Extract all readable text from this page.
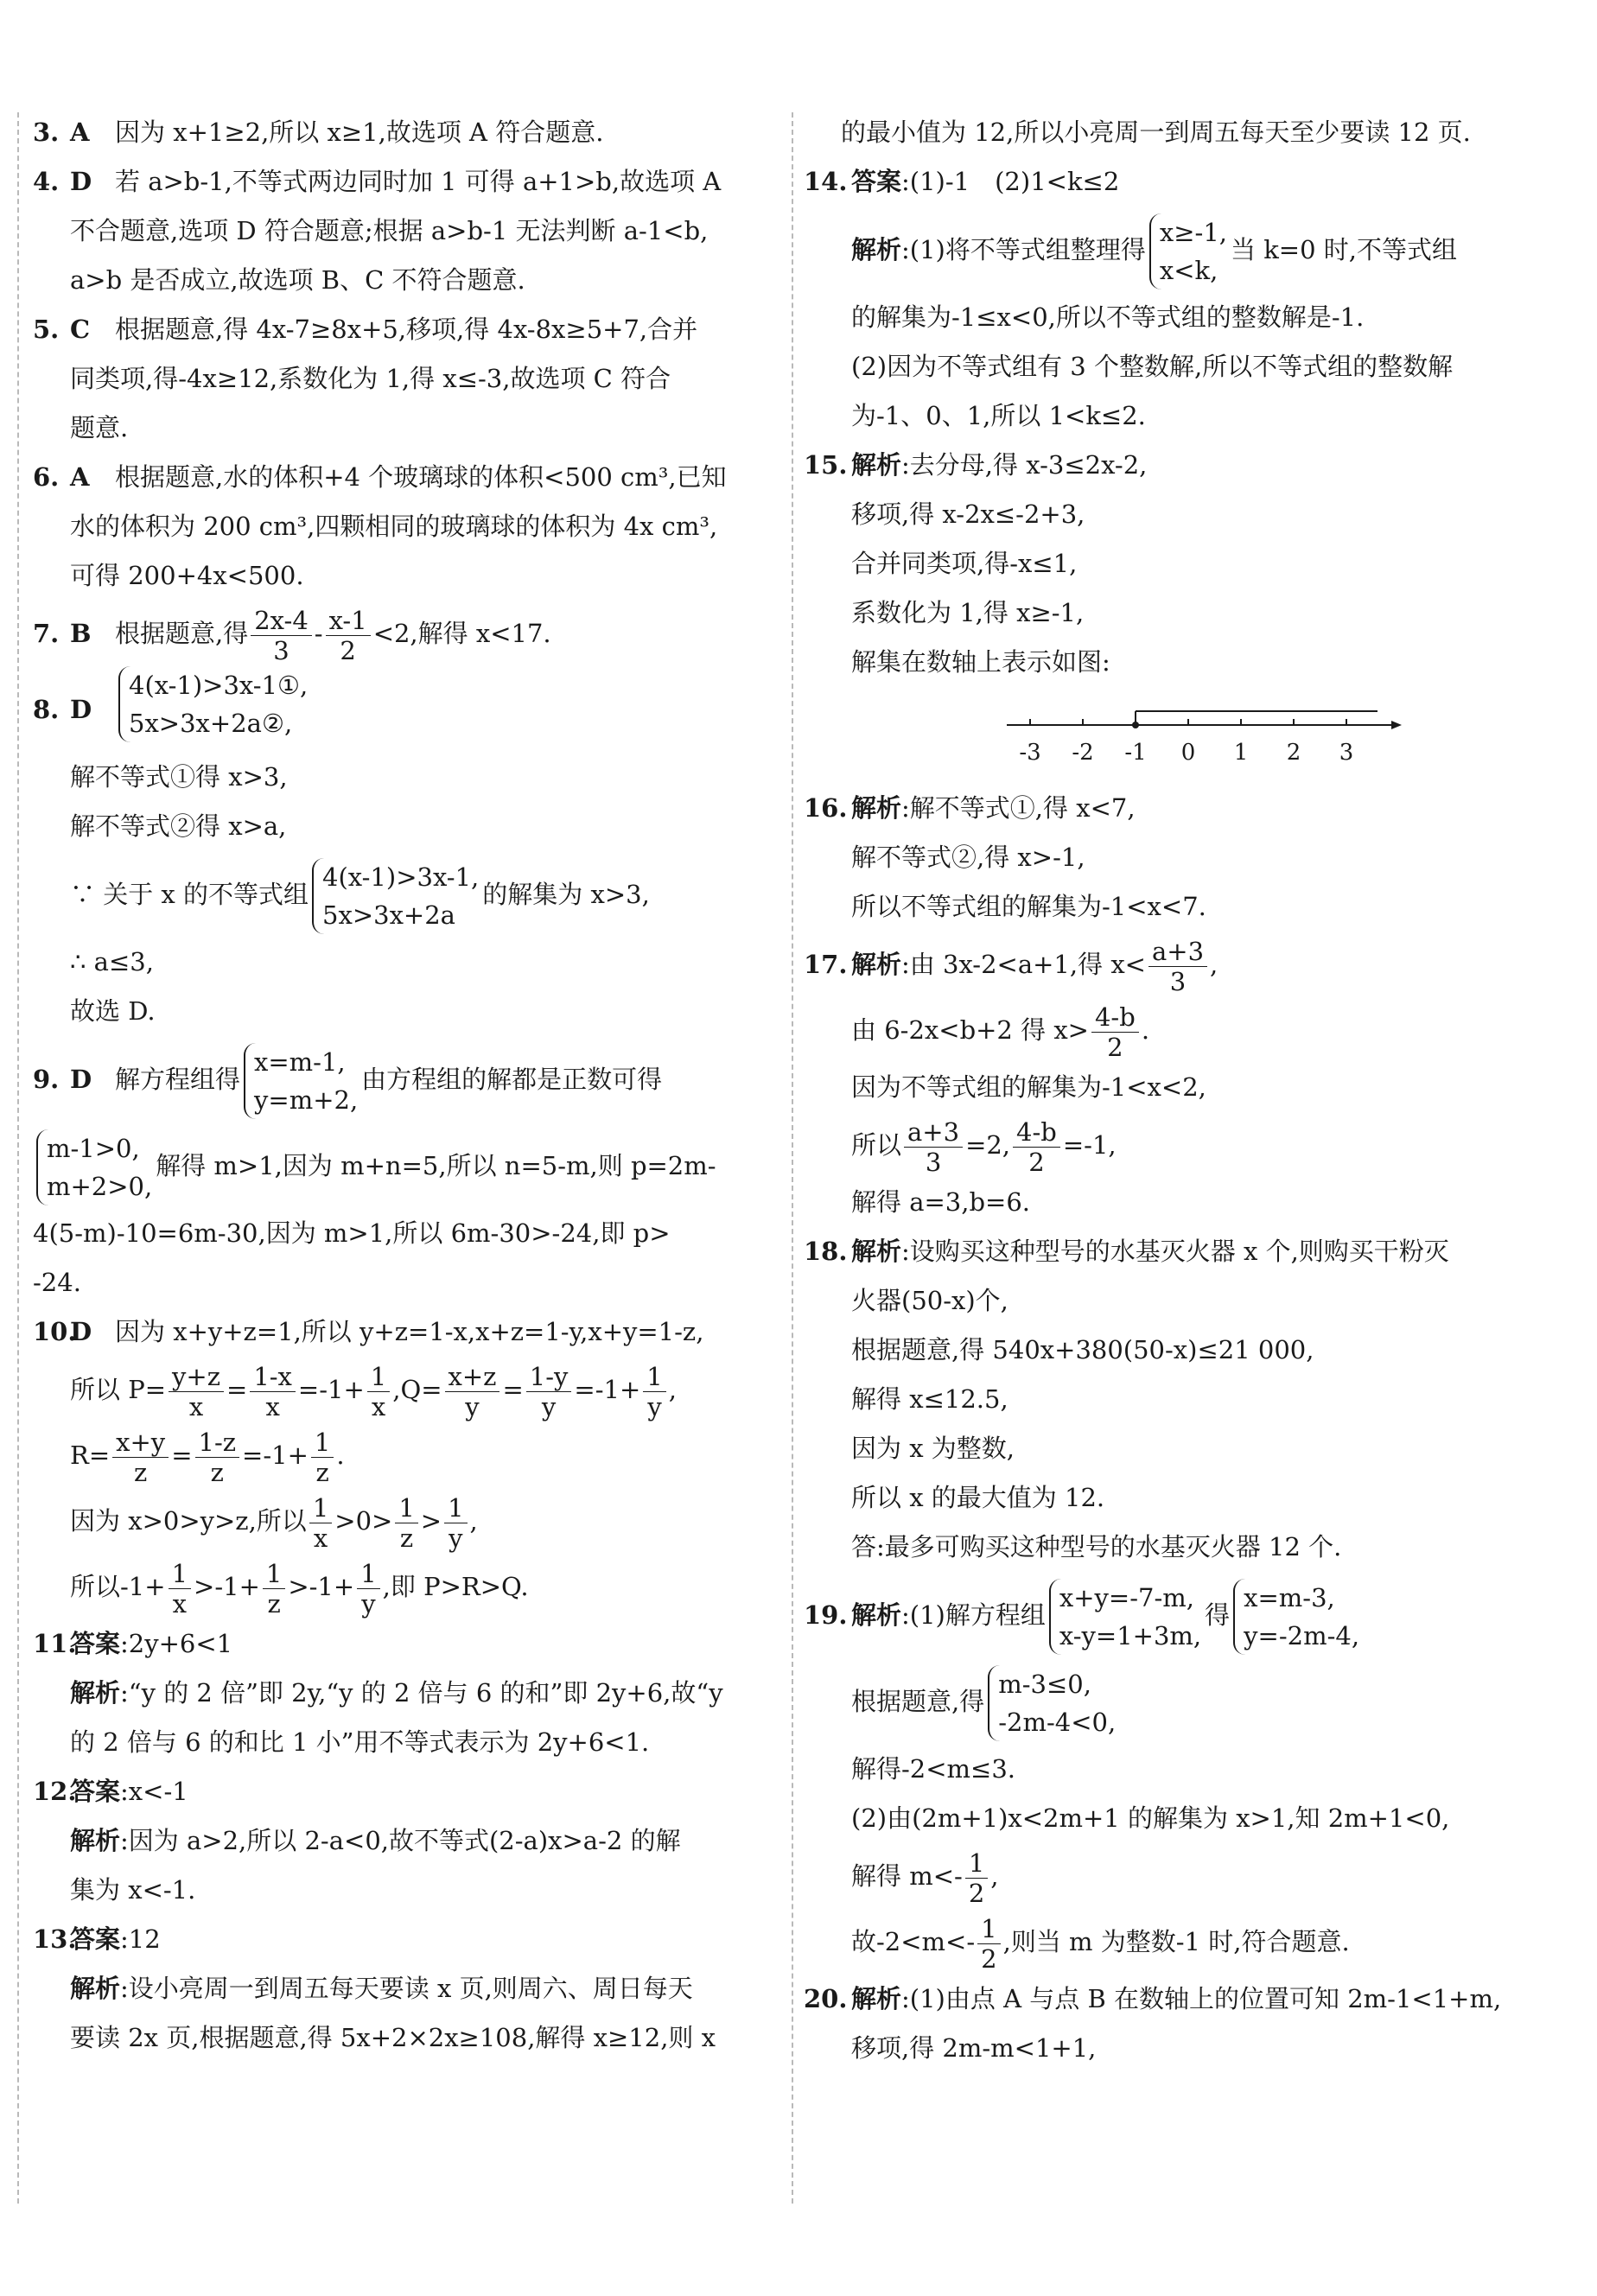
3. A	因为 x+1≥2,所以 x≥1,故选项 A 符合题意.
4. D 若 a>b-1,不等式两边同时加 1 可得 a+1>b,故选项 A
不合题意,选项 D 符合题意;根据 a>b-1 无法判断 a-1<b,
a>b 是否成立,故选项 B、C 不符合题意.
5. C 根据题意,得 4x-7≥8x+5,移项,得 4x-8x≥5+7,合并
同类项,得-4x≥12,系数化为 1,得 x≤-3,故选项 C 符合
题意.
6. A	根据题意,水的体积+4 个玻璃球的体积<500 cm³,已知
水的体积为 200 cm³,四颗相同的玻璃球的体积为 4x cm³,
可得 200+4x<500.
7. B 根据题意,得 $\frac{2x-4}{3} - \frac{x-1}{2} <2$,解得 x<17.
8. D
4(x-1)>3x-1①,
5x>3x+2a②,
解不等式①得 x>3,
解不等式②得 x>a,
∵ 关于 x 的不等式组
4(x-1)>3x-1,
5x>3x+2a
的解集为 x>3,
∴ a≤3,
故选 D.
9. D 解方程组得
x=m-1,
y=m+2,
由方程组的解都是正数可得
m-1>0,
m+2>0,
解得 m>1,因为 m+n=5,所以 n=5-m,则 p=2m-
4(5-m)-10=6m-30,因为 m>1,所以 6m-30>-24,即 p>
-24.
10.
D 因为 x+y+z=1,所以 y+z=1-x,x+z=1-y,x+y=1-z,
所以 $P= \frac{y+z}{x} = \frac{1-x}{x} =-1+ \frac{1}{x} ,Q= \frac{x+z}{y} = \frac{1-y}{y} =-1+ \frac{1}{y}$ ,
$R= \frac{x+y}{z} = \frac{1-z}{z} =-1+ \frac{1}{z}$ .
因为 x>0>y>z,所以 $\frac{1}{x} >0> \frac{1}{z} > \frac{1}{y}$ ,
所以$-1+ \frac{1}{x} >-1+ \frac{1}{z} >-1+ \frac{1}{y}$ ,即 P>R>Q.
11.
答案:2y+6<1
解析:“y 的 2 倍”即 2y,“y 的 2 倍与 6 的和”即 2y+6,故“y
的 2 倍与 6 的和比 1 小”用不等式表示为 2y+6<1.
12.
答案:x<-1
解析:因为 a>2,所以 2-a<0,故不等式(2-a)x>a-2 的解
集为 x<-1.
13.
答案:12
解析:设小亮周一到周五每天要读 x 页,则周六、周日每天
要读 2x 页,根据题意,得 5x+2×2x≥108,解得 x≥12,则 x
的最小值为 12,所以小亮周一到周五每天至少要读 12 页.
14. 答案:(1)-1　(2)1<k≤2
解析:(1)将不等式组整理得
x≥-1,
x<k,
当 k=0 时,不等式组
的解集为-1≤x<0,所以不等式组的整数解是-1.
(2)因为不等式组有 3 个整数解,所以不等式组的整数解
为-1、0、1,所以 1<k≤2.
15. 解析:去分母,得 x-3≤2x-2,
移项,得 x-2x≤-2+3,
合并同类项,得-x≤1,
系数化为 1,得 x≥-1,
解集在数轴上表示如图:
-3 -2 -1 0 1 2 3
16. 解析:解不等式①,得 x<7,
解不等式②,得 x>-1,
所以不等式组的解集为-1<x<7.
17. 解析:由 3x-2<a+1,得 $x< \frac{a+3}{3}$ ,
由 6-2x<b+2 得 $x> \frac{4-b}{2}$ .
因为不等式组的解集为-1<x<2,
所以 $\frac{a+3}{3} =2$, $\frac{4-b}{2} =-1$,
解得 a=3,b=6.
18. 解析:设购买这种型号的水基灭火器 x 个,则购买干粉灭
火器(50-x)个,
根据题意,得 540x+380(50-x)≤21 000,
解得 x≤12.5,
因为 x 为整数,
所以 x 的最大值为 12.
答:最多可购买这种型号的水基灭火器 12 个.
19. 解析:(1)解方程组
x+y=-7-m,
x-y=1+3m,
得
x=m-3,
y=-2m-4,
根据题意,得
m-3≤0,
-2m-4<0,
解得-2<m≤3.
(2)由(2m+1)x<2m+1 的解集为 x>1,知 2m+1<0,
解得 $m<- \frac{1}{2}$ ,
故$-2<m<- \frac{1}{2}$ ,则当 m 为整数-1 时,符合题意.
20. 解析:(1)由点 A 与点 B 在数轴上的位置可知 2m-1<1+m,
移项,得 2m-m<1+1,
